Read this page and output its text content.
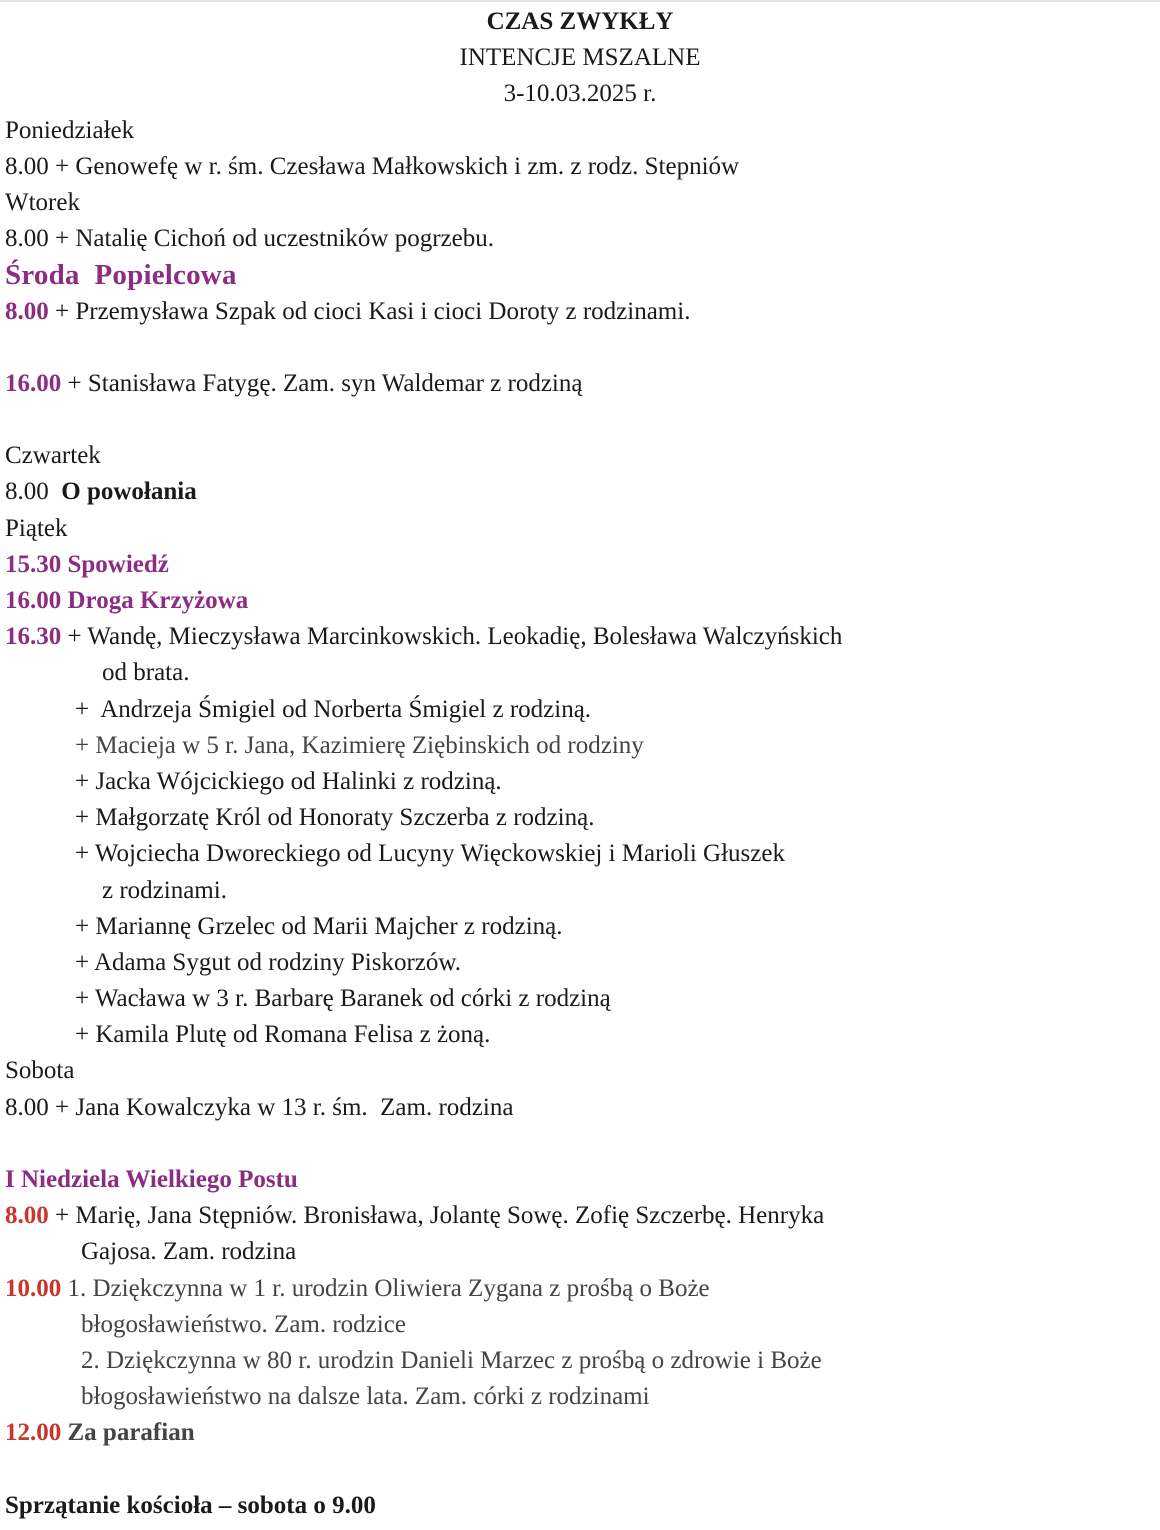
CZAS ZWYKŁY
INTENCJE MSZALNE
3-10.03.2025 r.
Poniedziałek
8.00 + Genowefę w r. śm. Czesława Małkowskich i zm. z rodz. Stepniów
Wtorek
8.00 + Natalię Cichoń od uczestników pogrzebu.
Środa  Popielcowa
8.00 + Przemysława Szpak od cioci Kasi i cioci Doroty z rodzinami.
16.00 + Stanisława Fatygę. Zam. syn Waldemar z rodziną
Czwartek
8.00 O powołania
Piątek
15.30 Spowiedź
16.00 Droga Krzyżowa
16.30 + Wandę, Mieczysława Marcinkowskich. Leokadię, Bolesława Walczyńskich
od brata.
+  Andrzeja Śmigiel od Norberta Śmigiel z rodziną.
+ Macieja w 5 r. Jana, Kazimierę Ziębinskich od rodziny
+ Jacka Wójcickiego od Halinki z rodziną.
+ Małgorzatę Król od Honoraty Szczerba z rodziną.
+ Wojciecha Dworeckiego od Lucyny Więckowskiej i Marioli Głuszek
z rodzinami.
+ Mariannę Grzelec od Marii Majcher z rodziną.
+ Adama Sygut od rodziny Piskorzów.
+ Wacława w 3 r. Barbarę Baranek od córki z rodziną
+ Kamila Plutę od Romana Felisa z żoną.
Sobota
8.00 + Jana Kowalczyka w 13 r. śm.  Zam. rodzina
I Niedziela Wielkiego Postu
8.00 + Marię, Jana Stępniów. Bronisława, Jolantę Sowę. Zofię Szczerbę. Henryka
Gajosa. Zam. rodzina
10.00 1. Dziękczynna w 1 r. urodzin Oliwiera Zygana z prośbą o Boże
błogosławieństwo. Zam. rodzice
2. Dziękczynna w 80 r. urodzin Danieli Marzec z prośbą o zdrowie i Boże
błogosławieństwo na dalsze lata. Zam. córki z rodzinami
12.00 Za parafian
Sprzątanie kościoła – sobota o 9.00
